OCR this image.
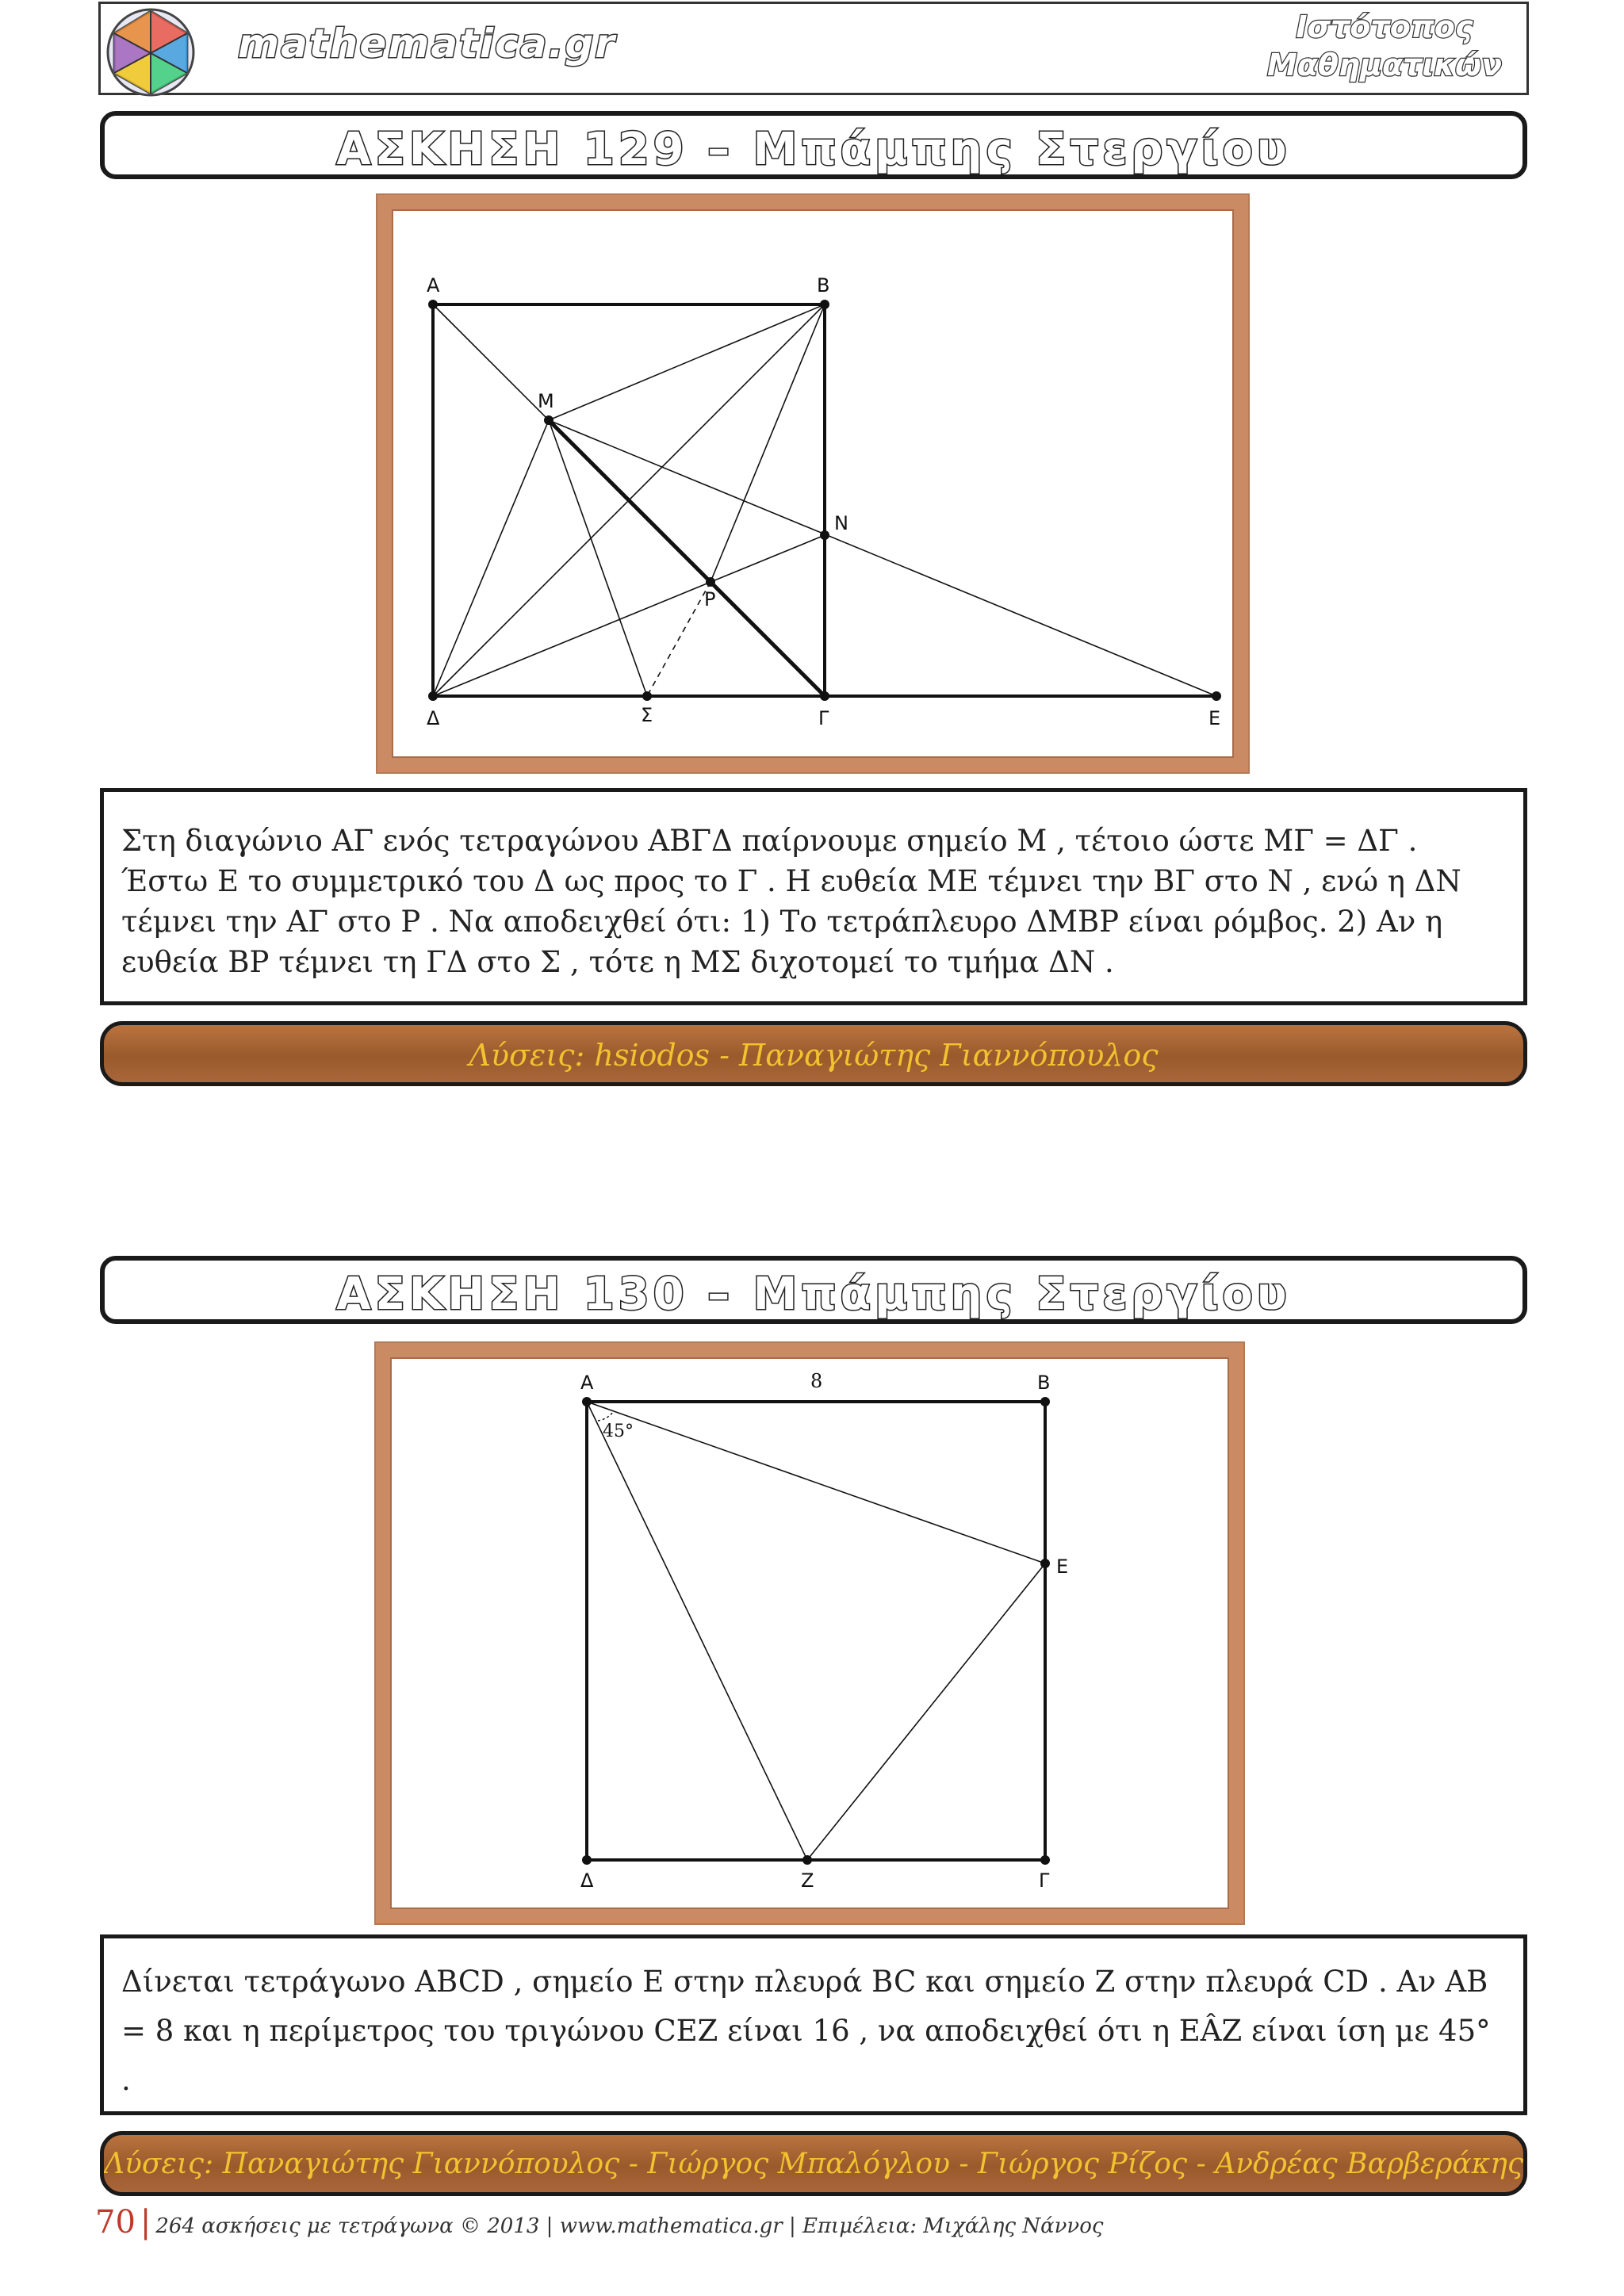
mathematica.gr	Ιστότοπος
Μαθηματικών
ΑΣΚΗΣΗ 129 – Μπάμπης Στεργίου
A	B
M
N
P
Δ	Σ	Γ	E
Στη διαγώνιο ΑΓ ενός τετραγώνου ΑΒΓΔ παίρνουμε σημείο Μ , τέτοιο ώστε ΜΓ = ΔΓ . Έστω Ε το συμμετρικό του Δ ως προς το Γ . Η ευθεία ΜΕ τέμνει την ΒΓ στο Ν , ενώ η ΔΝ τέμνει την ΑΓ στο Ρ . Να αποδειχθεί ότι: 1) Το τετράπλευρο ΔΜΒΡ είναι ρόμβος. 2) Αν η ευθεία ΒΡ τέμνει τη ΓΔ στο Σ , τότε η ΜΣ διχοτομεί το τμήμα ΔΝ .
Λύσεις: hsiodos - Παναγιώτης Γιαννόπουλος
ΑΣΚΗΣΗ 130 – Μπάμπης Στεργίου
A	B
8
45°
E
Δ	Z	Γ
Δίνεται τετράγωνο ABCD , σημείο E στην πλευρά BC και σημείο Z στην πλευρά CD . Αν AB = 8 και η περίμετρος του τριγώνου CEZ είναι 16 , να αποδειχθεί ότι η EÂZ είναι ίση με 45° .
Λύσεις: Παναγιώτης Γιαννόπουλος - Γιώργος Μπαλόγλου - Γιώργος Ρίζος - Ανδρέας Βαρβεράκης
70 | 264 ασκήσεις με τετράγωνα © 2013 | www.mathematica.gr | Επιμέλεια: Μιχάλης Νάννος
